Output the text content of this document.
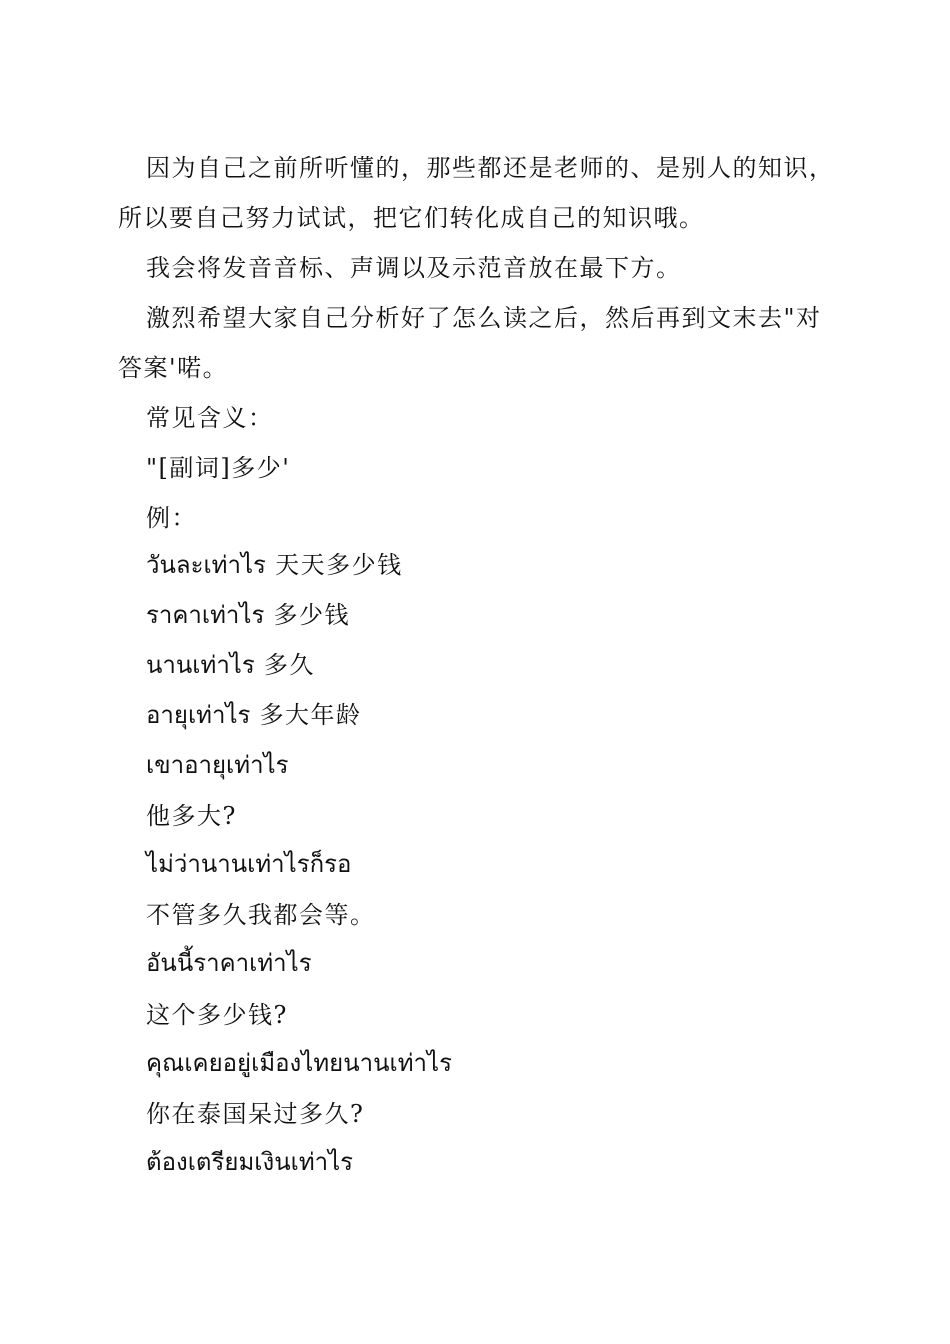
因为自己之前所听懂的，那些都还是老师的、是别人的知识，所以要自己努力试试，把它们转化成自己的知识哦。

我会将发音音标、声调以及示范音放在最下方。

激烈希望大家自己分析好了怎么读之后，然后再到文末去"对答案'喏。

常见含义：

"[副词]多少'

例：

วันละเท่าไร 天天多少钱

ราคาเท่าไร 多少钱

นานเท่าไร 多久

อายุเท่าไร 多大年龄

เขาอายุเท่าไร

他多大?

ไม่ว่านานเท่าไรก็รอ

不管多久我都会等。

อันนี้ราคาเท่าไร

这个多少钱?

คุณเคยอยู่เมืองไทยนานเท่าไร

你在泰国呆过多久?

ต้องเตรียมเงินเท่าไร
